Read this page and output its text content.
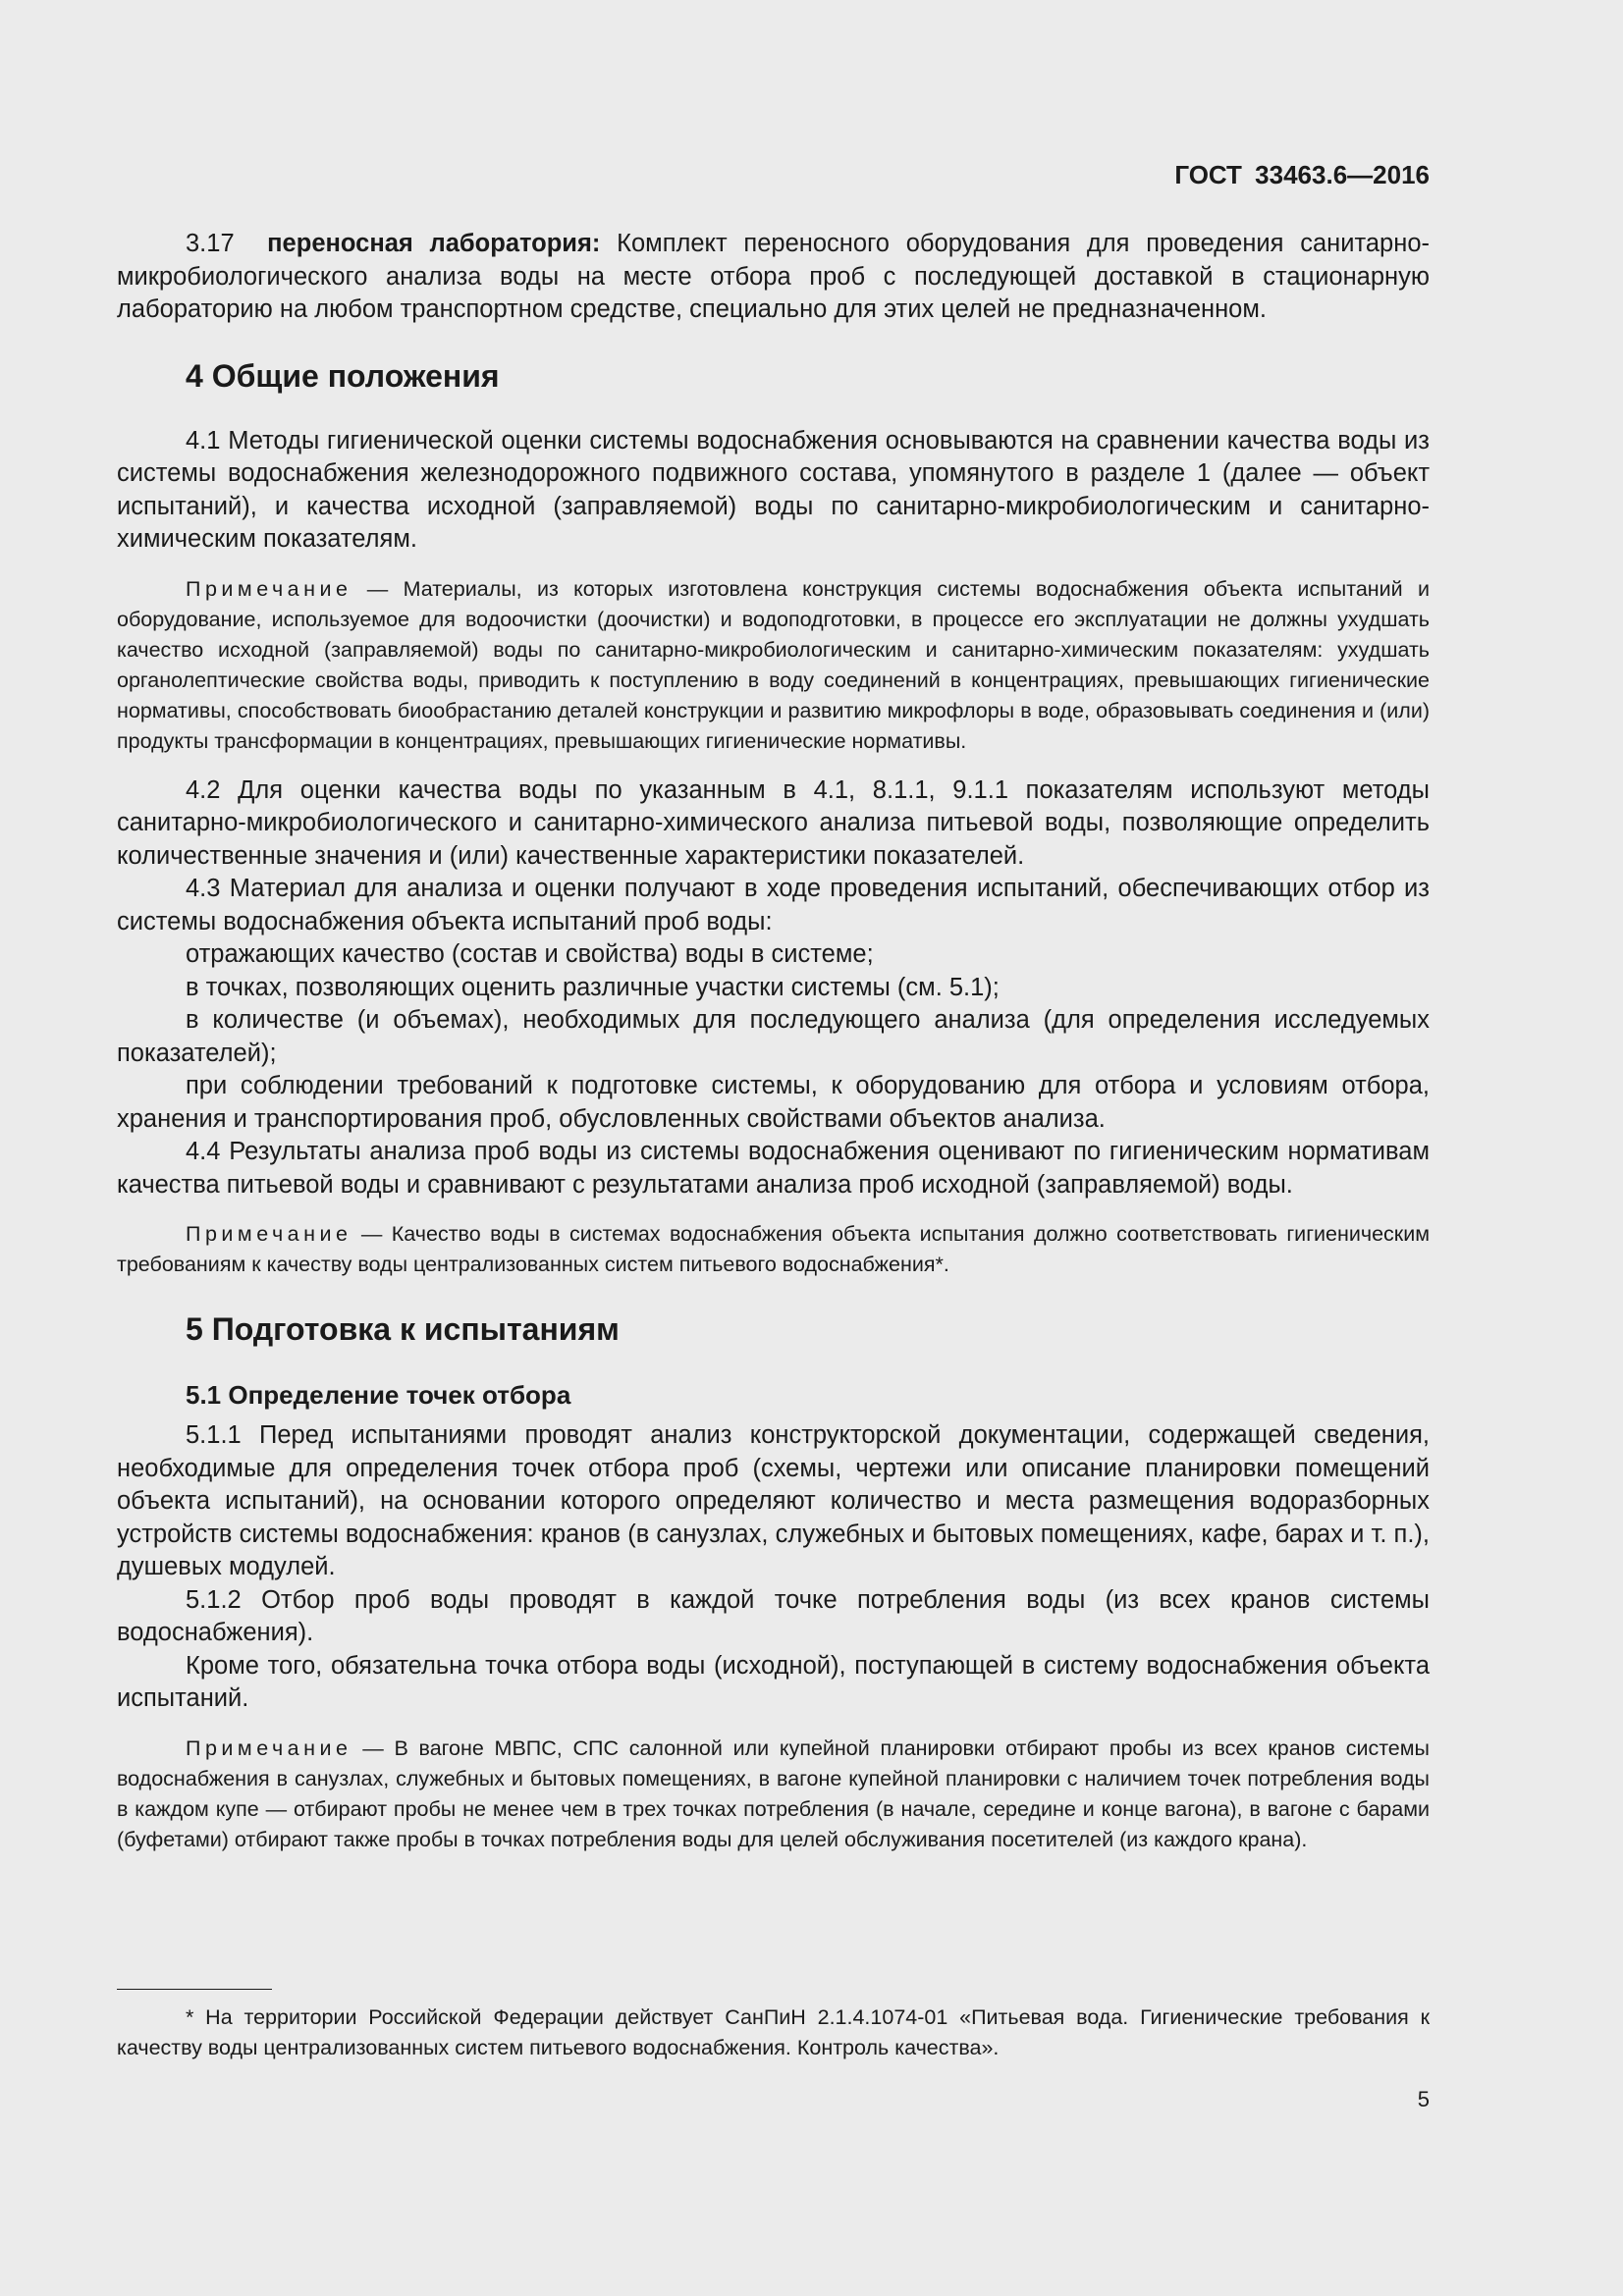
ГОСТ 33463.6—2016

3.17 переносная лаборатория: Комплект переносного оборудования для проведения санитарно-микробиологического анализа воды на месте отбора проб с последующей доставкой в стационарную лабораторию на любом транспортном средстве, специально для этих целей не предназначенном.

4 Общие положения

4.1 Методы гигиенической оценки системы водоснабжения основываются на сравнении качества воды из системы водоснабжения железнодорожного подвижного состава, упомянутого в разделе 1 (далее — объект испытаний), и качества исходной (заправляемой) воды по санитарно-микробиологическим и санитарно-химическим показателям.

Примечание — Материалы, из которых изготовлена конструкция системы водоснабжения объекта испытаний и оборудование, используемое для водоочистки (доочистки) и водоподготовки, в процессе его эксплуатации не должны ухудшать качество исходной (заправляемой) воды по санитарно-микробиологическим и санитарно-химическим показателям: ухудшать органолептические свойства воды, приводить к поступлению в воду соединений в концентрациях, превышающих гигиенические нормативы, способствовать биообрастанию деталей конструкции и развитию микрофлоры в воде, образовывать соединения и (или) продукты трансформации в концентрациях, превышающих гигиенические нормативы.

4.2 Для оценки качества воды по указанным в 4.1, 8.1.1, 9.1.1 показателям используют методы санитарно-микробиологического и санитарно-химического анализа питьевой воды, позволяющие определить количественные значения и (или) качественные характеристики показателей.

4.3 Материал для анализа и оценки получают в ходе проведения испытаний, обеспечивающих отбор из системы водоснабжения объекта испытаний проб воды:

отражающих качество (состав и свойства) воды в системе;

в точках, позволяющих оценить различные участки системы (см. 5.1);

в количестве (и объемах), необходимых для последующего анализа (для определения исследуемых показателей);

при соблюдении требований к подготовке системы, к оборудованию для отбора и условиям отбора, хранения и транспортирования проб, обусловленных свойствами объектов анализа.

4.4 Результаты анализа проб воды из системы водоснабжения оценивают по гигиеническим нормативам качества питьевой воды и сравнивают с результатами анализа проб исходной (заправляемой) воды.

Примечание — Качество воды в системах водоснабжения объекта испытания должно соответствовать гигиеническим требованиям к качеству воды централизованных систем питьевого водоснабжения*.

5 Подготовка к испытаниям
5.1 Определение точек отбора

5.1.1 Перед испытаниями проводят анализ конструкторской документации, содержащей сведения, необходимые для определения точек отбора проб (схемы, чертежи или описание планировки помещений объекта испытаний), на основании которого определяют количество и места размещения водоразборных устройств системы водоснабжения: кранов (в санузлах, служебных и бытовых помещениях, кафе, барах и т. п.), душевых модулей.

5.1.2 Отбор проб воды проводят в каждой точке потребления воды (из всех кранов системы водоснабжения).

Кроме того, обязательна точка отбора воды (исходной), поступающей в систему водоснабжения объекта испытаний.

Примечание — В вагоне МВПС, СПС салонной или купейной планировки отбирают пробы из всех кранов системы водоснабжения в санузлах, служебных и бытовых помещениях, в вагоне купейной планировки с наличием точек потребления воды в каждом купе — отбирают пробы не менее чем в трех точках потребления (в начале, середине и конце вагона), в вагоне с барами (буфетами) отбирают также пробы в точках потребления воды для целей обслуживания посетителей (из каждого крана).

* На территории Российской Федерации действует СанПиН 2.1.4.1074-01 «Питьевая вода. Гигиенические требования к качеству воды централизованных систем питьевого водоснабжения. Контроль качества».
5
